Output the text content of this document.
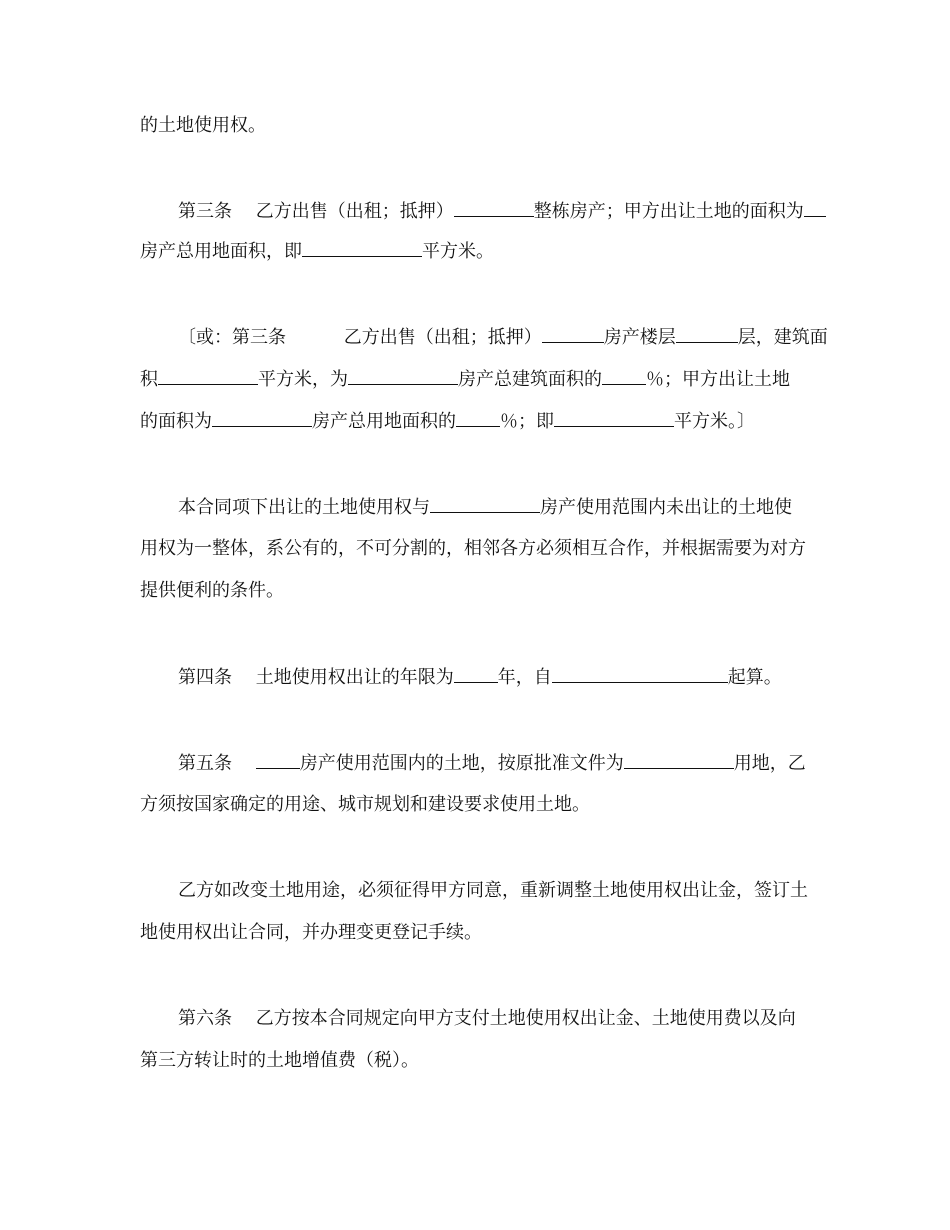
的土地使用权。
第三条 乙方出售（出租；抵押）	整栋房产；甲方出让土地的面积为
房产总用地面积，即	平方米。
〔或：第三条	乙方出售（出租；抵押）	房产楼层	层，建筑面
积	平方米，为	房产总建筑面积的 ％；甲方出让土地
的面积为	房产总用地面积的 ％；即	平方米。〕
本合同项下出让的土地使用权与	房产使用范围内未出让的土地使
用权为一整体，系公有的，不可分割的，相邻各方必须相互合作，并根据需要为对方
提供便利的条件。
第四条 土地使用权出让的年限为 年，自	起算。
第五条	房产使用范围内的土地，按原批准文件为	用地，乙
方须按国家确定的用途、城市规划和建设要求使用土地。
乙方如改变土地用途，必须征得甲方同意，重新调整土地使用权出让金，签订土
地使用权出让合同，并办理变更登记手续。
第六条 乙方按本合同规定向甲方支付土地使用权出让金、土地使用费以及向
第三方转让时的土地增值费（税）。
